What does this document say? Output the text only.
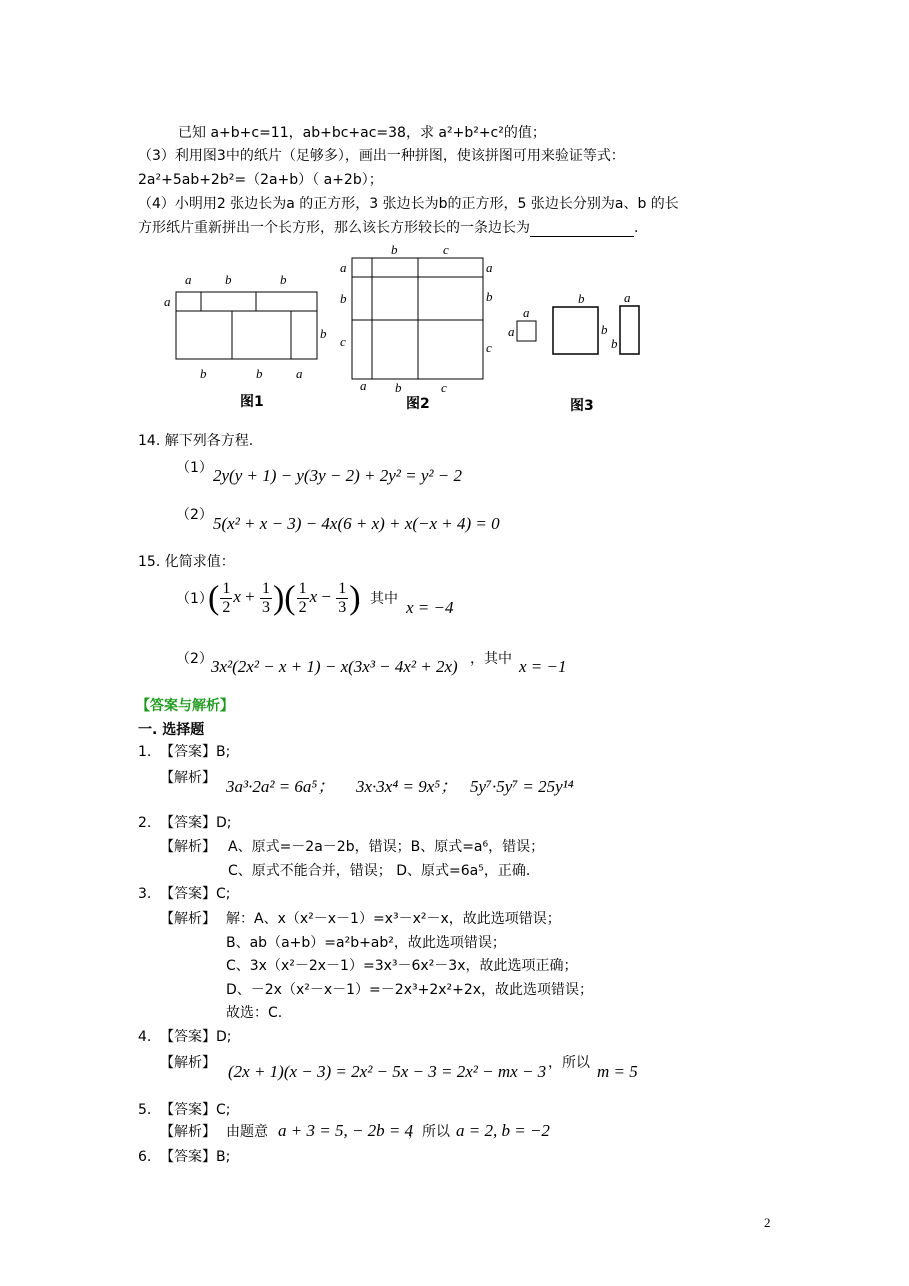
已知 a+b+c=11，ab+bc+ac=38，求 a²+b²+c²的值；
（3）利用图3中的纸片（足够多），画出一种拼图，使该拼图可用来验证等式：
2a²+5ab+2b²=（2a+b）（ a+2b）；
（4）小明用2 张边长为a 的正方形，3 张边长为b的正方形，5 张边长分别为a、b 的长
方形纸片重新拼出一个长方形，那么该长方形较长的一条边长为	.
a	b	b
a
b
b	b	a
图1
b	c
a
b
c
a
b
c
a b	c
图2
a
a
b
b
b
a
图3
14. 解下列各方程.
（1） 2y(y + 1) − y(3y − 2) + 2y² = y² − 2
（2） 5(x² + x − 3) − 4x(6 + x) + x(−x + 4) = 0
15. 化简求值：
（1）
( $\frac{1}{2}$ $x + \frac{1}{3}$ )( $\frac{1}{2}$ $x - \frac{1}{3}$ )
，其中 x = −4
（2）
3x²(2x² − x + 1) − x(3x³ − 4x² + 2x) ，其中 x = −1
【答案与解析】
一. 选择题
1. 【答案】B;
【解析】 3a³·2a² = 6a⁵； 3x·3x⁴ = 9x⁵； 5y⁷·5y⁷ = 25y¹⁴
2. 【答案】D;
【解析】 A、原式=－2a－2b，错误；B、原式=a⁶，错误；
C、原式不能合并，错误； D、原式=6a⁵，正确.
3. 【答案】C;
【解析】 解：A、x（x²－x－1）=x³－x²－x，故此选项错误；
B、ab（a+b）=a²b+ab²，故此选项错误；
C、3x（x²－2x－1）=3x³－6x²－3x，故此选项正确；
D、－2x（x²－x－1）=－2x³+2x²+2x，故此选项错误；
故选：C.
4. 【答案】D;
【解析】 (2x + 1)(x − 3) = 2x² − 5x − 3 = 2x² − mx − 3 ，所以 m = 5
5. 【答案】C;
【解析】 由题意 a + 3 = 5, − 2b = 4
，所以 a = 2, b = −2
6. 【答案】B;
2
